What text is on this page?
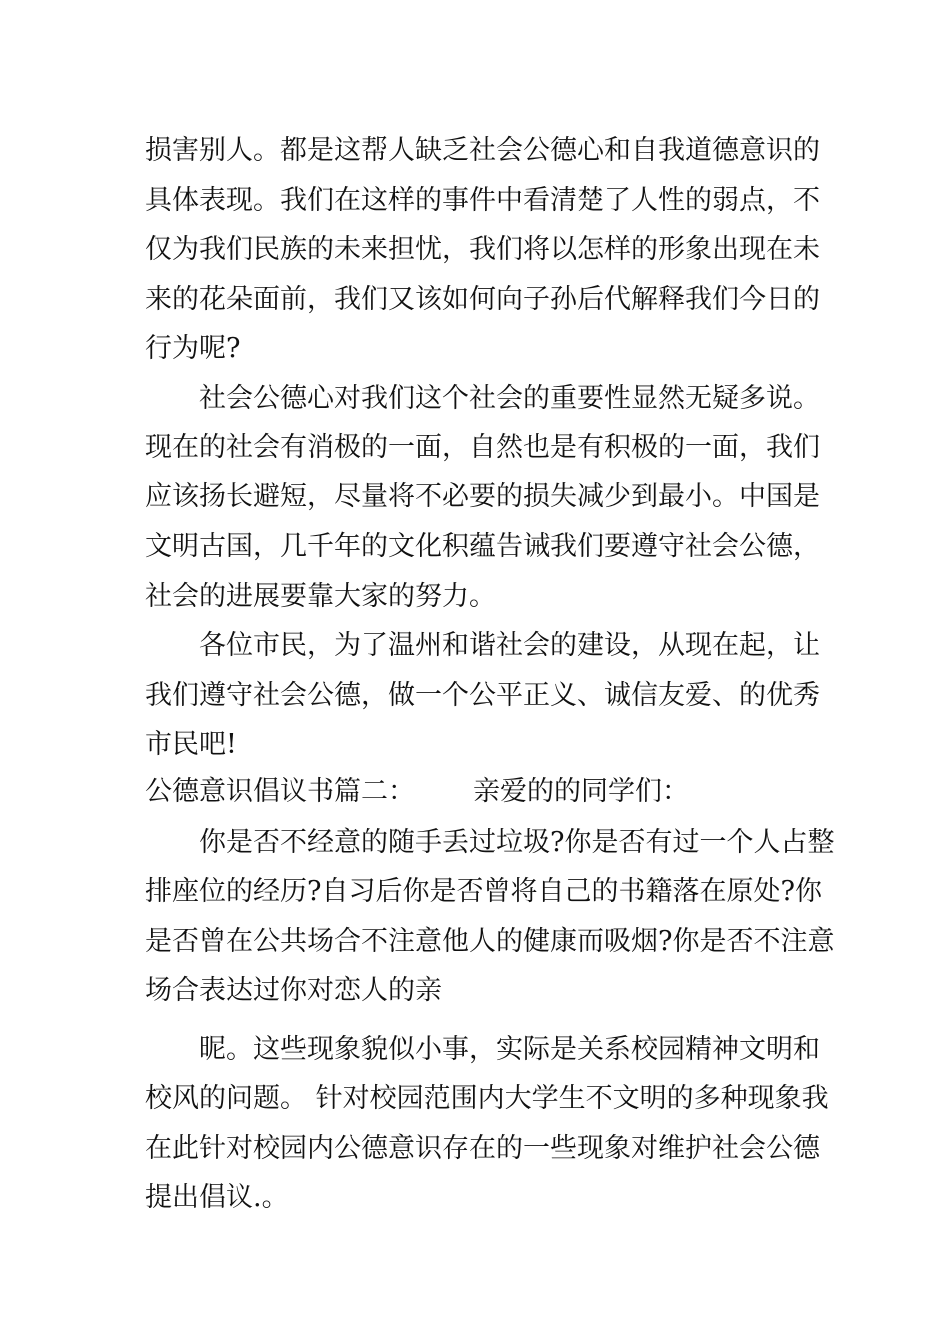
损害别人。都是这帮人缺乏社会公德心和自我道德意识的
具体表现。我们在这样的事件中看清楚了人性的弱点，不
仅为我们民族的未来担忧，我们将以怎样的形象出现在未
来的花朵面前，我们又该如何向子孙后代解释我们今日的
行为呢?
社会公德心对我们这个社会的重要性显然无疑多说。
现在的社会有消极的一面，自然也是有积极的一面，我们
应该扬长避短，尽量将不必要的损失减少到最小。中国是
文明古国，几千年的文化积蕴告诫我们要遵守社会公德，
社会的进展要靠大家的努力。
各位市民，为了温州和谐社会的建设，从现在起，让
我们遵守社会公德，做一个公平正义、诚信友爱、的优秀
市民吧!
公德意识倡议书篇二： 亲爱的的同学们：
你是否不经意的随手丢过垃圾?你是否有过一个人占整
排座位的经历?自习后你是否曾将自己的书籍落在原处?你
是否曾在公共场合不注意他人的健康而吸烟?你是否不注意
场合表达过你对恋人的亲
昵。这些现象貌似小事，实际是关系校园精神文明和
校风的问题。 针对校园范围内大学生不文明的多种现象我
在此针对校园内公德意识存在的一些现象对维护社会公德
提出倡议.。
